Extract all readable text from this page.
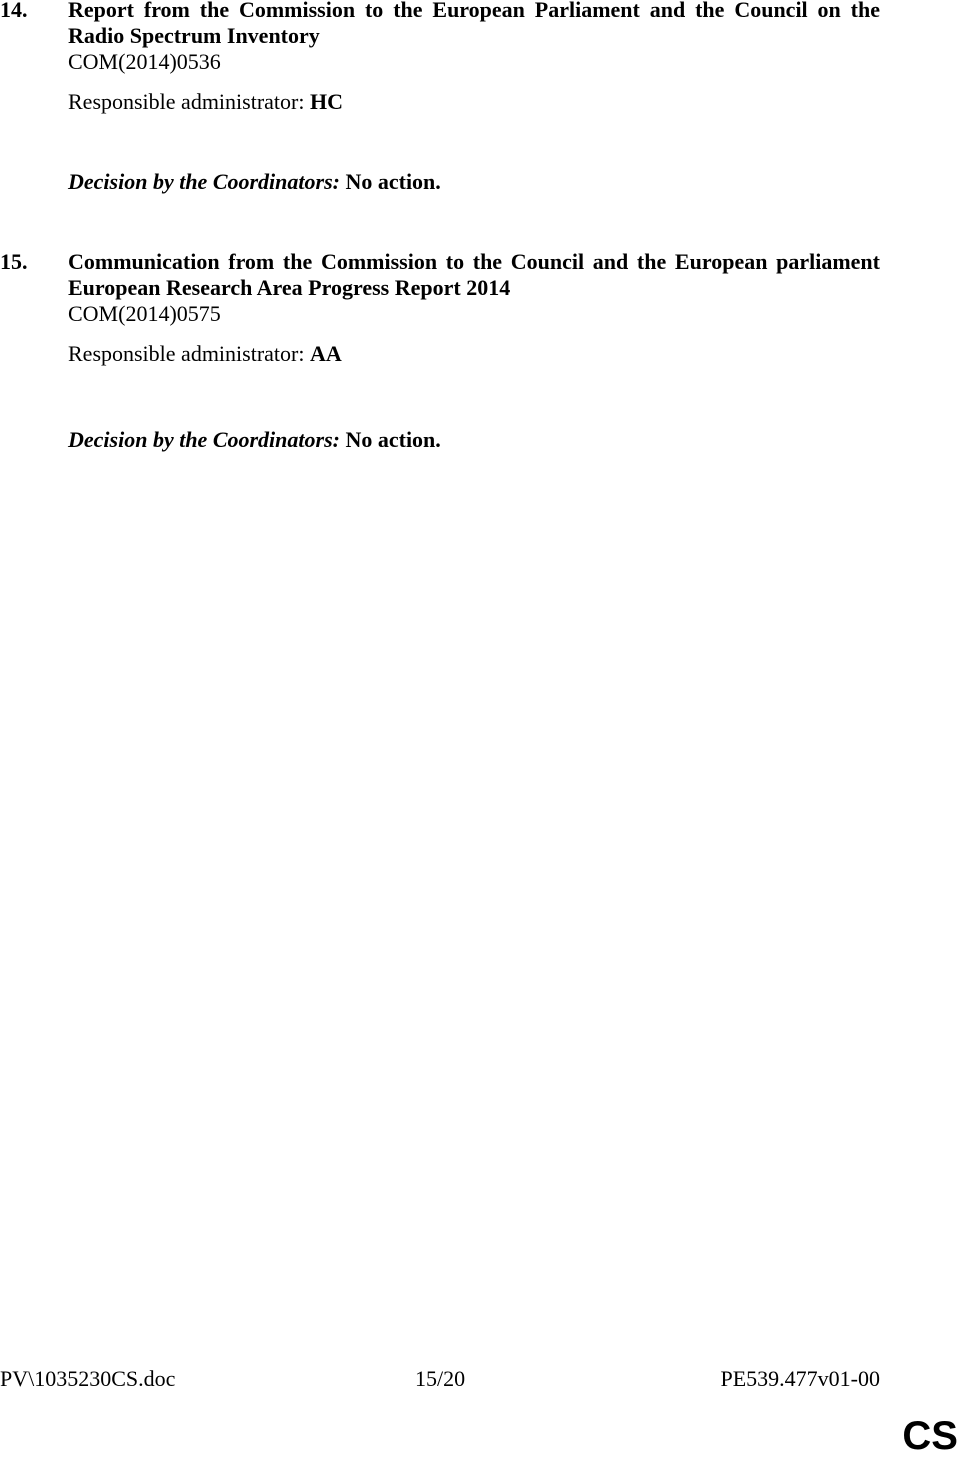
14. Report from the Commission to the European Parliament and the Council on the Radio Spectrum Inventory
COM(2014)0536
Responsible administrator: HC
Decision by the Coordinators: No action.
15. Communication from the Commission to the Council and the European parliament European Research Area Progress Report 2014
COM(2014)0575
Responsible administrator: AA
Decision by the Coordinators: No action.
PV\1035230CS.doc	15/20	PE539.477v01-00
CS
